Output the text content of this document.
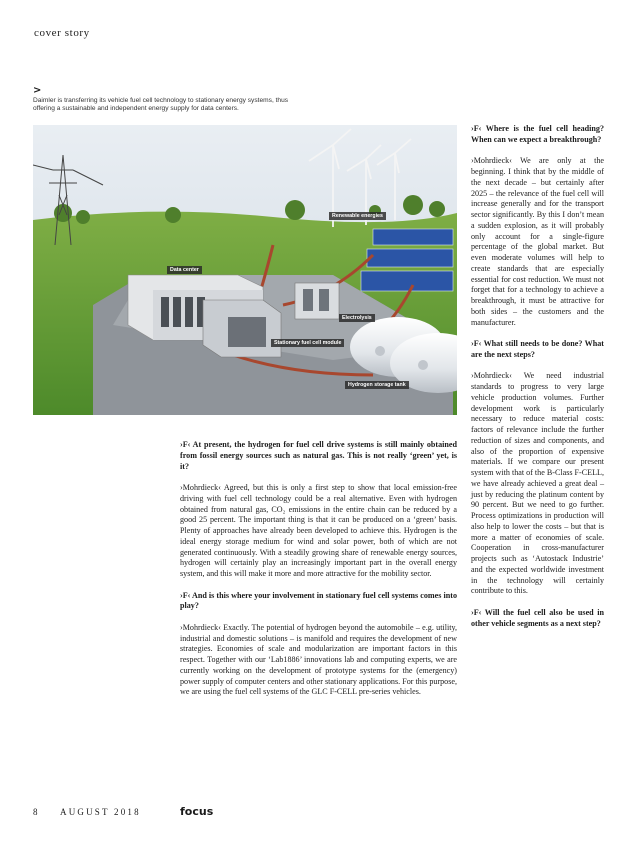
cover story
>
Daimler is transferring its vehicle fuel cell technology to stationary energy systems, thus offering a sustainable and independent energy supply for data centers.
Renewable energies
Data center
Electrolysis
Stationary fuel cell module
Hydrogen storage tank

›F‹ At present, the hydrogen for fuel cell drive systems is still mainly obtained from fossil energy sources such as natural gas. This is not really ‘green’ yet, is it?

›Mohrdieck‹ Agreed, but this is only a first step to show that local emission-free driving with fuel cell technology could be a real alternative. Even with hydrogen obtained from natural gas, CO₂ emissions in the entire chain can be reduced by a good 25 percent. The important thing is that it can be produced on a ‘green’ basis. Plenty of approaches have already been developed to achieve this. Hydrogen is the ideal energy storage medium for wind and solar power, both of which are not generated continuously. With a steadily growing share of renewable energy sources, hydrogen will certainly play an increasingly important part in the overall energy system, and this will make it more and more attractive for the mobility sector.

›F‹ And is this where your involvement in stationary fuel cell systems comes into play?

›Mohrdieck‹ Exactly. The potential of hydrogen beyond the automobile – e.g. utility, industrial and domestic solutions – is manifold and requires the development of new strategies. Economies of scale and modularization are important factors in this respect. Together with our ‘Lab1886’ innovations lab and computing experts, we are currently working on the development of prototype systems for the (emergency) power supply of computer centers and other stationary applications. For this purpose, we are using the fuel cell systems of the GLC F-CELL pre-series vehicles.

›F‹ Where is the fuel cell heading? When can we expect a breakthrough?

›Mohrdieck‹ We are only at the beginning. I think that by the middle of the next decade – but certainly after 2025 – the relevance of the fuel cell will increase generally and for the transport sector significantly. By this I don’t mean a sudden explosion, as it will probably only account for a single-figure percentage of the global market. But even moderate volumes will help to create standards that are especially essential for cost reduction. We must not forget that for a technology to achieve a breakthrough, it must be attractive for both sides – the customers and the manufacturer.

›F‹ What still needs to be done? What are the next steps?

›Mohrdieck‹ We need industrial standards to progress to very large vehicle production volumes. Further development work is particularly necessary to reduce material costs: factors of relevance include the further reduction of sizes and components, and also of the proportion of expensive materials. If we compare our present system with that of the B-Class F-CELL, we have already achieved a great deal – just by reducing the platinum content by 90 percent. But we need to go further. Process optimizations in production will also help to lower the costs – but that is more a matter of economies of scale. Cooperation in cross-manufacturer projects such as ‘Autostack Industrie’ and the expected worldwide investment in the technology will certainly contribute to this.

›F‹ Will the fuel cell also be used in other vehicle segments as a next step?

8	AUGUST 2018	focus
